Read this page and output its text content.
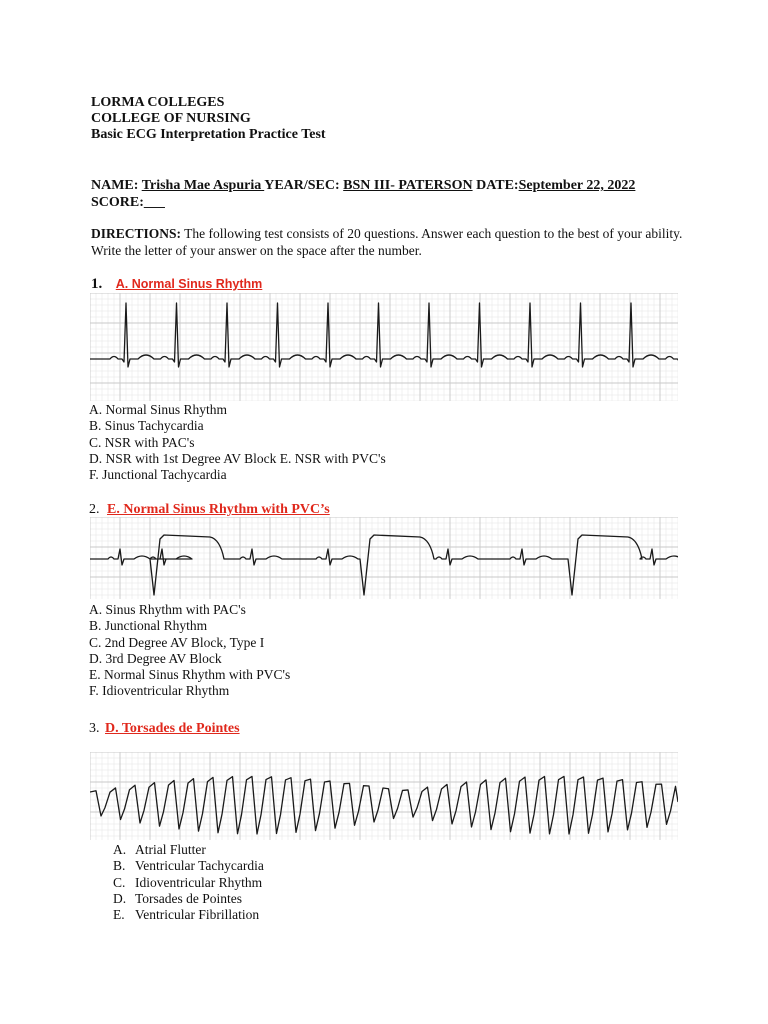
LORMA COLLEGES
COLLEGE OF NURSING
Basic ECG Interpretation Practice Test
NAME: Trisha Mae Aspuria YEAR/SEC: BSN III- PATERSON DATE:September 22, 2022
SCORE:___
DIRECTIONS: The following test consists of 20 questions. Answer each question to the best of your ability. Write the letter of your answer on the space after the number.
1. A. Normal Sinus Rhythm
A. Normal Sinus Rhythm
B. Sinus Tachycardia
C. NSR with PAC's
D. NSR with 1st Degree AV Block E. NSR with PVC's
F. Junctional Tachycardia
2. E. Normal Sinus Rhythm with PVC’s
A. Sinus Rhythm with PAC's
B. Junctional Rhythm
C. 2nd Degree AV Block, Type I
D. 3rd Degree AV Block
E. Normal Sinus Rhythm with PVC's
F. Idioventricular Rhythm
3. D. Torsades de Pointes
A. Atrial Flutter
B. Ventricular Tachycardia
C. Idioventricular Rhythm
D. Torsades de Pointes
E. Ventricular Fibrillation
